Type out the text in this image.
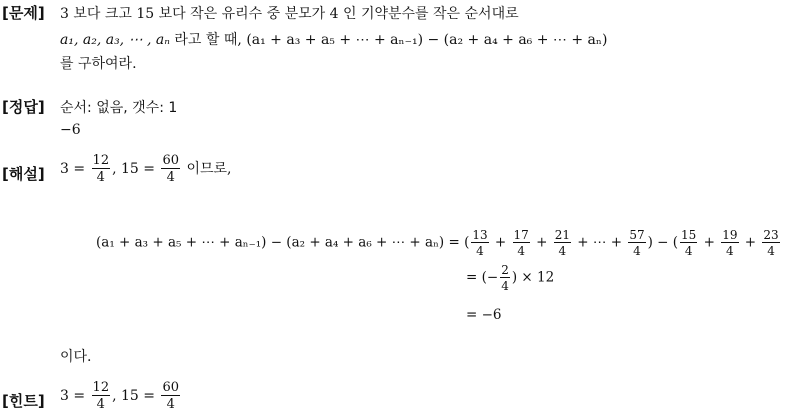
[문제] 3 보다 크고 15 보다 작은 유리수 중 분모가 4 인 기약분수를 작은 순서대로
a₁, a₂, a₃, ⋯ , aₙ 라고 할 때, (a₁ + a₃ + a₅ + ⋯ + aₙ₋₁) − (a₂ + a₄ + a₆ + ⋯ + aₙ)
를 구하여라.
[정답] 순서: 없음, 갯수: 1
−6
[해설] $3 = \frac{12}{4}$ , $15 = \frac{60}{4}$ 이므로,
(a₁ + a₃ + a₅ + ⋯ + aₙ₋₁) − (a₂ + a₄ + a₆ + ⋯ + aₙ) = ( $\frac{13}{4} + \frac{17}{4} + \frac{21}{4}$ + ⋯ + $\frac{57}{4}$ ) − ( $\frac{15}{4} + \frac{19}{4} + \frac{23}{4}$
= (− $\frac{2}{4}$ ) × 12
= −6
이다.
[힌트] $3 = \frac{12}{4}$ , $15 = \frac{60}{4}$
